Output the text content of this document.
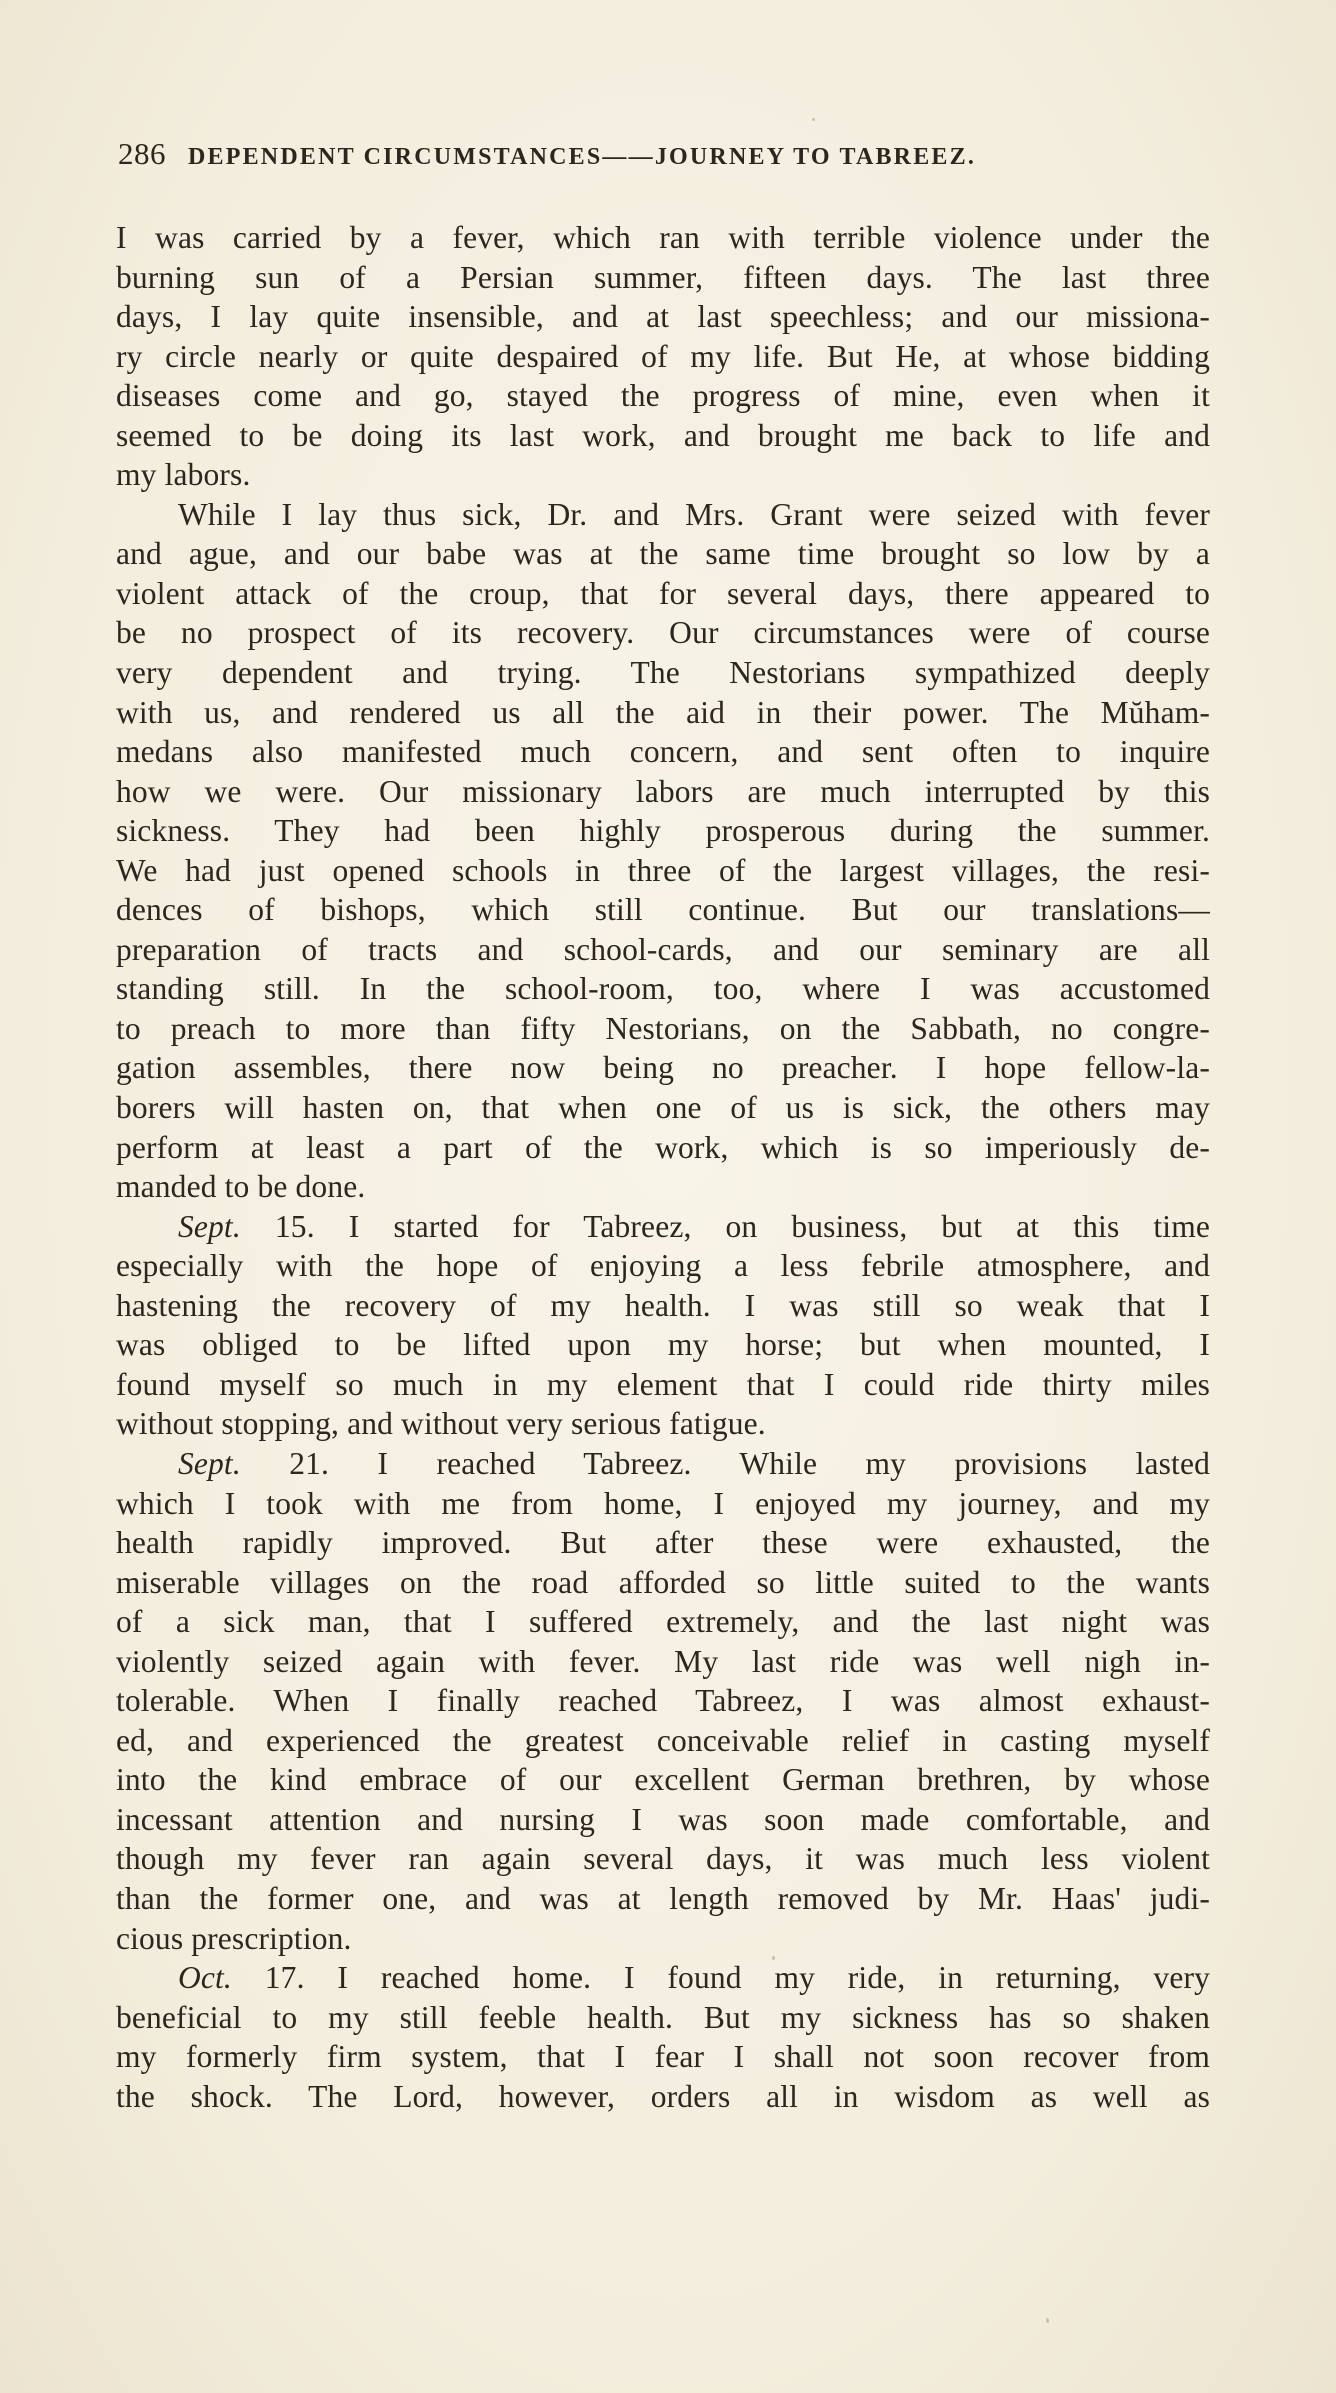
286 DEPENDENT CIRCUMSTANCES——JOURNEY TO TABREEZ.
I was carried by a fever, which ran with terrible violence under the
burning sun of a Persian summer, fifteen days. The last three
days, I lay quite insensible, and at last speechless; and our missiona-
ry circle nearly or quite despaired of my life. But He, at whose bidding
diseases come and go, stayed the progress of mine, even when it
seemed to be doing its last work, and brought me back to life and
my labors.
While I lay thus sick, Dr. and Mrs. Grant were seized with fever
and ague, and our babe was at the same time brought so low by a
violent attack of the croup, that for several days, there appeared to
be no prospect of its recovery. Our circumstances were of course
very dependent and trying. The Nestorians sympathized deeply
with us, and rendered us all the aid in their power. The Mŭham-
medans also manifested much concern, and sent often to inquire
how we were. Our missionary labors are much interrupted by this
sickness. They had been highly prosperous during the summer.
We had just opened schools in three of the largest villages, the resi-
dences of bishops, which still continue. But our translations—
preparation of tracts and school-cards, and our seminary are all
standing still. In the school-room, too, where I was accustomed
to preach to more than fifty Nestorians, on the Sabbath, no congre-
gation assembles, there now being no preacher. I hope fellow-la-
borers will hasten on, that when one of us is sick, the others may
perform at least a part of the work, which is so imperiously de-
manded to be done.
Sept. 15. I started for Tabreez, on business, but at this time
especially with the hope of enjoying a less febrile atmosphere, and
hastening the recovery of my health. I was still so weak that I
was obliged to be lifted upon my horse; but when mounted, I
found myself so much in my element that I could ride thirty miles
without stopping, and without very serious fatigue.
Sept. 21. I reached Tabreez. While my provisions lasted
which I took with me from home, I enjoyed my journey, and my
health rapidly improved. But after these were exhausted, the
miserable villages on the road afforded so little suited to the wants
of a sick man, that I suffered extremely, and the last night was
violently seized again with fever. My last ride was well nigh in-
tolerable. When I finally reached Tabreez, I was almost exhaust-
ed, and experienced the greatest conceivable relief in casting myself
into the kind embrace of our excellent German brethren, by whose
incessant attention and nursing I was soon made comfortable, and
though my fever ran again several days, it was much less violent
than the former one, and was at length removed by Mr. Haas' judi-
cious prescription.
Oct. 17. I reached home. I found my ride, in returning, very
beneficial to my still feeble health. But my sickness has so shaken
my formerly firm system, that I fear I shall not soon recover from
the shock. The Lord, however, orders all in wisdom as well as
